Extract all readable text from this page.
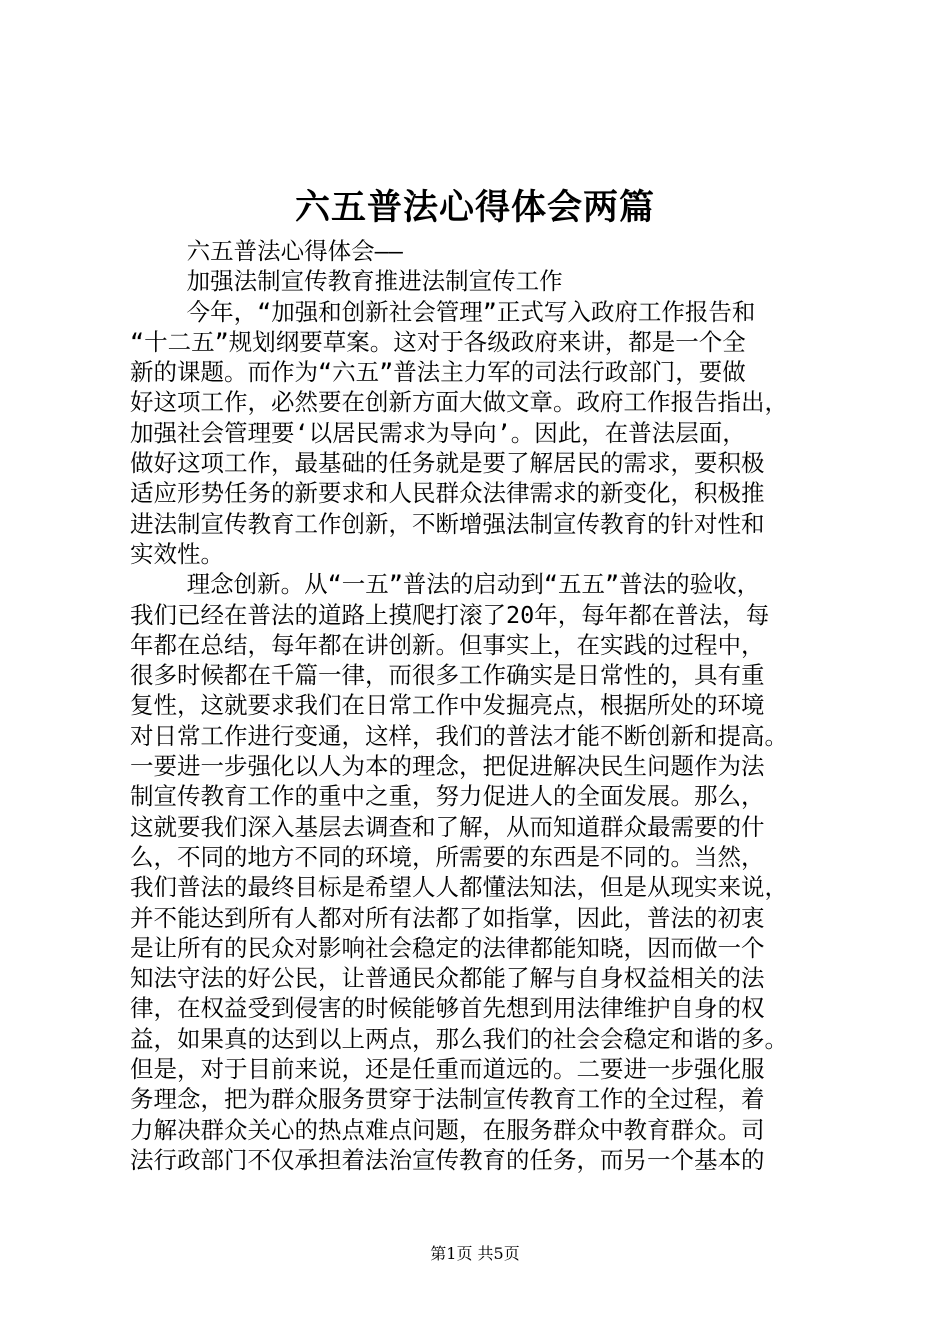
六五普法心得体会两篇
六五普法心得体会——
加强法制宣传教育推进法制宣传工作
今年，“加强和创新社会管理”正式写入政府工作报告和
“十二五”规划纲要草案。这对于各级政府来讲，都是一个全
新的课题。而作为“六五”普法主力军的司法行政部门，要做
好这项工作，必然要在创新方面大做文章。政府工作报告指出，
加强社会管理要‘以居民需求为导向’。因此，在普法层面，
做好这项工作，最基础的任务就是要了解居民的需求，要积极
适应形势任务的新要求和人民群众法律需求的新变化，积极推
进法制宣传教育工作创新，不断增强法制宣传教育的针对性和
实效性。
理念创新。从“一五”普法的启动到“五五”普法的验收，
我们已经在普法的道路上摸爬打滚了20年，每年都在普法，每
年都在总结，每年都在讲创新。但事实上，在实践的过程中，
很多时候都在千篇一律，而很多工作确实是日常性的，具有重
复性，这就要求我们在日常工作中发掘亮点，根据所处的环境
对日常工作进行变通，这样，我们的普法才能不断创新和提高。
一要进一步强化以人为本的理念，把促进解决民生问题作为法
制宣传教育工作的重中之重，努力促进人的全面发展。那么，
这就要我们深入基层去调查和了解，从而知道群众最需要的什
么，不同的地方不同的环境，所需要的东西是不同的。当然，
我们普法的最终目标是希望人人都懂法知法，但是从现实来说，
并不能达到所有人都对所有法都了如指掌，因此，普法的初衷
是让所有的民众对影响社会稳定的法律都能知晓，因而做一个
知法守法的好公民，让普通民众都能了解与自身权益相关的法
律，在权益受到侵害的时候能够首先想到用法律维护自身的权
益，如果真的达到以上两点，那么我们的社会会稳定和谐的多。
但是，对于目前来说，还是任重而道远的。二要进一步强化服
务理念，把为群众服务贯穿于法制宣传教育工作的全过程，着
力解决群众关心的热点难点问题，在服务群众中教育群众。司
法行政部门不仅承担着法治宣传教育的任务，而另一个基本的
第1页 共5页
